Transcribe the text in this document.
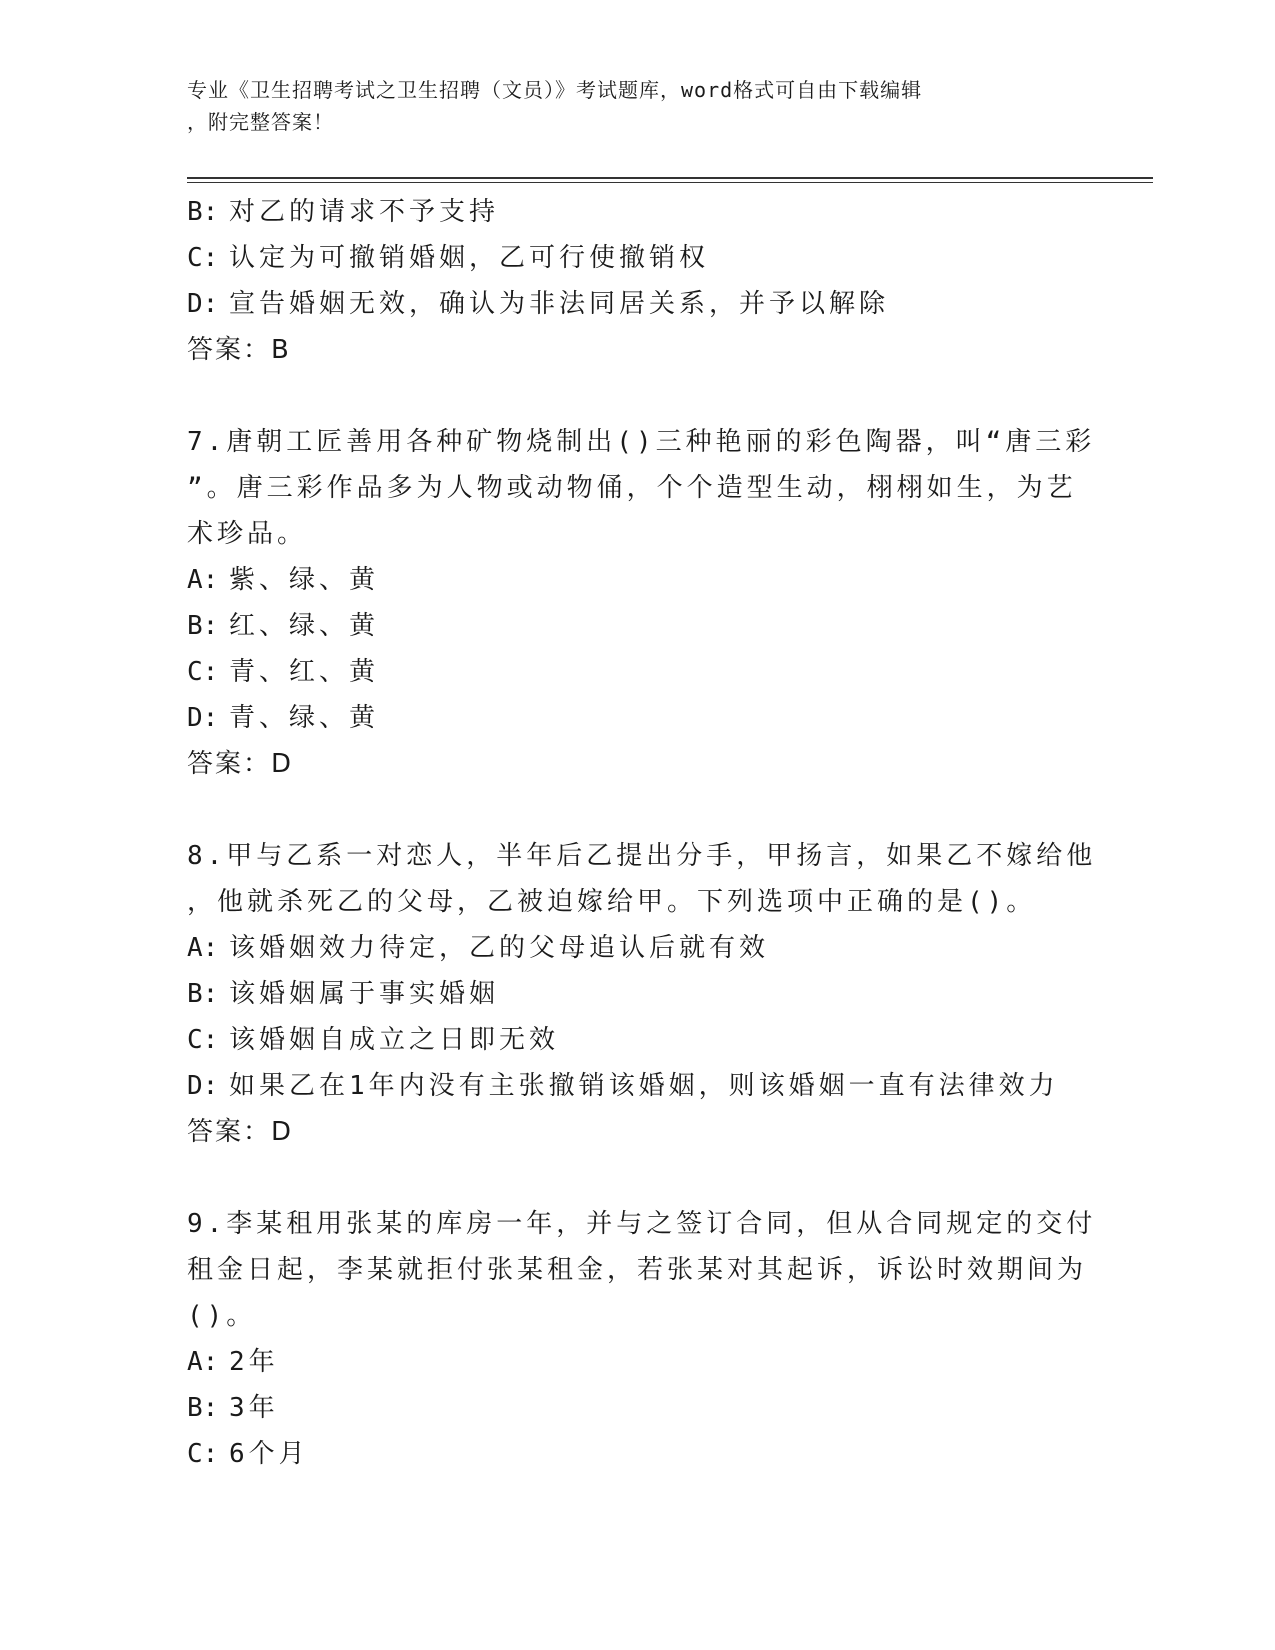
专业《卫生招聘考试之卫生招聘（文员）》考试题库，word格式可自由下载编辑
，附完整答案！
B: 对乙的请求不予支持
C: 认定为可撤销婚姻，乙可行使撤销权
D: 宣告婚姻无效，确认为非法同居关系，并予以解除
答案：B
7.唐朝工匠善用各种矿物烧制出()三种艳丽的彩色陶器，叫“唐三彩
”。唐三彩作品多为人物或动物俑，个个造型生动，栩栩如生，为艺
术珍品。
A: 紫、绿、黄
B: 红、绿、黄
C: 青、红、黄
D: 青、绿、黄
答案：D
8.甲与乙系一对恋人，半年后乙提出分手，甲扬言，如果乙不嫁给他
，他就杀死乙的父母，乙被迫嫁给甲。下列选项中正确的是()。
A: 该婚姻效力待定，乙的父母追认后就有效
B: 该婚姻属于事实婚姻
C: 该婚姻自成立之日即无效
D: 如果乙在1年内没有主张撤销该婚姻，则该婚姻一直有法律效力
答案：D
9.李某租用张某的库房一年，并与之签订合同，但从合同规定的交付
租金日起，李某就拒付张某租金，若张某对其起诉，诉讼时效期间为
()。
A: 2年
B: 3年
C: 6个月
